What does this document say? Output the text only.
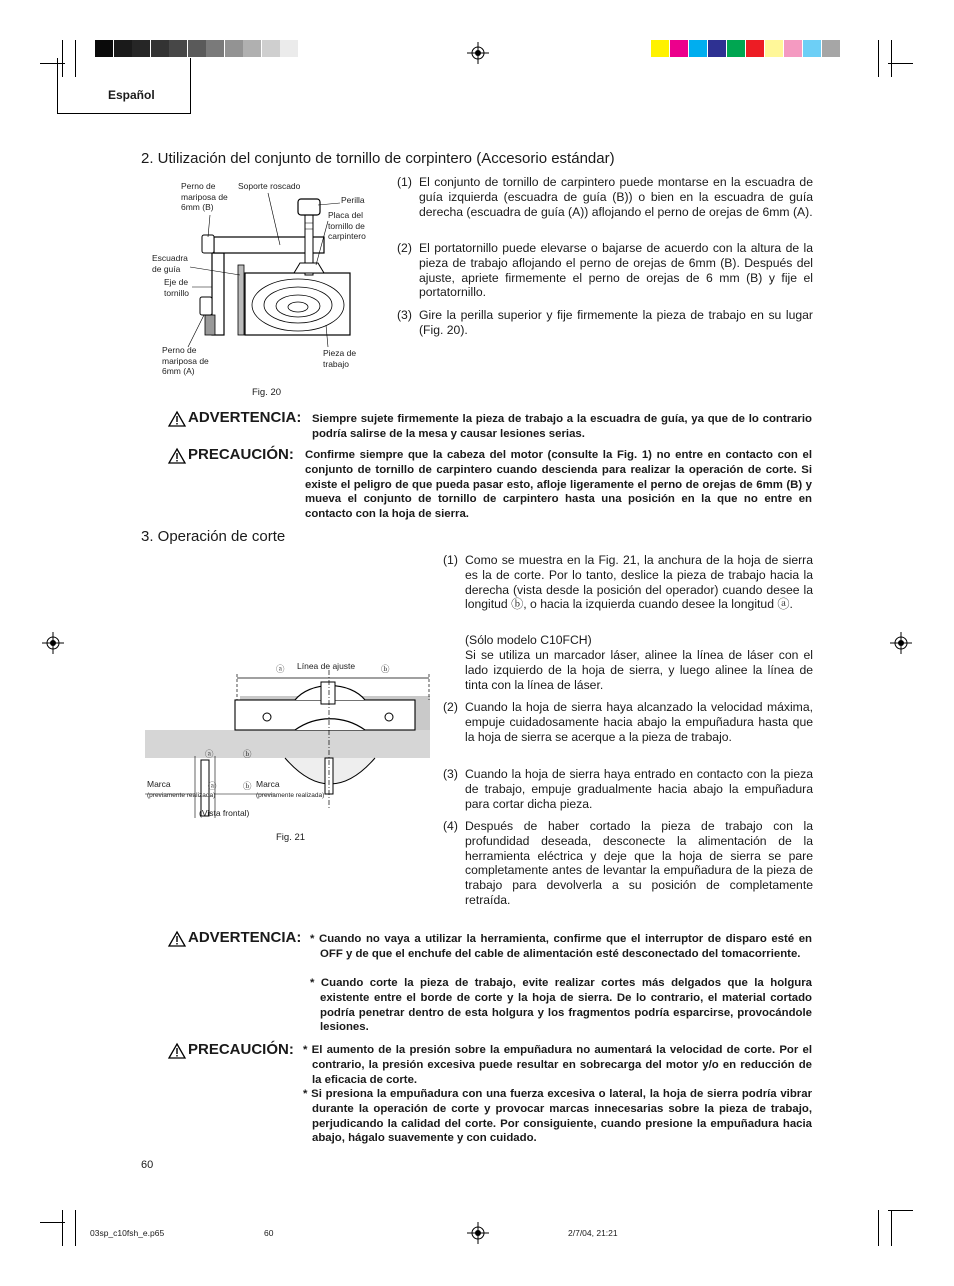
Español
2. Utilización del conjunto de tornillo de corpintero (Accesorio estándar)
Perno de mariposa de 6mm (B)
Soporte roscado
Perilla
Placa del tornillo de carpintero
Escuadra de guía
Eje de tornillo
Perno de mariposa de 6mm (A)
Pieza de trabajo
Fig. 20
(1) El conjunto de tornillo de carpintero puede montarse en la escuadra de guía izquierda (escuadra de guía (B)) o bien en la escuadra de guía derecha (escuadra de guía (A)) aflojando el perno de orejas de 6mm (A).
(2) El portatornillo puede elevarse o bajarse de acuerdo con la altura de la pieza de trabajo aflojando el perno de orejas de 6mm (B). Después del ajuste, apriete firmemente el perno de orejas de 6 mm (B) y fije el portatornillo.
(3) Gire la perilla superior y fije firmemente la pieza de trabajo en su lugar (Fig. 20).
ADVERTENCIA: Siempre sujete firmemente la pieza de trabajo a la escuadra de guía, ya que de lo contrario podría salirse de la mesa y causar lesiones serias.
PRECAUCIÓN: Confirme siempre que la cabeza del motor (consulte la Fig. 1) no entre en contacto con el conjunto de tornillo de carpintero cuando descienda para realizar la operación de corte. Si existe el peligro de que pueda pasar esto, afloje ligeramente el perno de orejas de 6mm (B) y mueva el conjunto de tornillo de carpintero hasta una posición en la que no entre en contacto con la hoja de sierra.
3. Operación de corte
Línea de ajuste
ⓐ	ⓑ
ⓐ	ⓑ
Marca	ⓐ	ⓑ Marca
(previamente realizada)	(previamente realizada)
(Vista frontal)
Fig. 21
(1) Como se muestra en la Fig. 21, la anchura de la hoja de sierra es la de corte. Por lo tanto, deslice la pieza de trabajo hacia la derecha (vista desde la posición del operador) cuando desee la longitud ⓑ, o hacia la izquierda cuando desee la longitud ⓐ.
(Sólo modelo C10FCH)
Si se utiliza un marcador láser, alinee la línea de láser con el lado izquierdo de la hoja de sierra, y luego alinee la línea de tinta con la línea de láser.
(2) Cuando la hoja de sierra haya alcanzado la velocidad máxima, empuje cuidadosamente hacia abajo la empuñadura hasta que la hoja de sierra se acerque a la pieza de trabajo.
(3) Cuando la hoja de sierra haya entrado en contacto con la pieza de trabajo, empuje gradualmente hacia abajo la empuñadura para cortar dicha pieza.
(4) Después de haber cortado la pieza de trabajo con la profundidad deseada, desconecte la alimentación de la herramienta eléctrica y deje que la hoja de sierra se pare completamente antes de levantar la empuñadura de la pieza de trabajo para devolverla a su posición de completamente retraída.
ADVERTENCIA: * Cuando no vaya a utilizar la herramienta, confirme que el interruptor de disparo esté en OFF y de que el enchufe del cable de alimentación esté desconectado del tomacorriente.
* Cuando corte la pieza de trabajo, evite realizar cortes más delgados que la holgura existente entre el borde de corte y la hoja de sierra. De lo contrario, el material cortado podría penetrar dentro de esta holgura y los fragmentos podría esparcirse, provocándole lesiones.
PRECAUCIÓN: * El aumento de la presión sobre la empuñadura no aumentará la velocidad de corte. Por el contrario, la presión excesiva puede resultar en sobrecarga del motor y/o en reducción de la eficacia de corte.
* Si presiona la empuñadura con una fuerza excesiva o lateral, la hoja de sierra podría vibrar durante la operación de corte y provocar marcas innecesarias sobre la pieza de trabajo, perjudicando la calidad del corte. Por consiguiente, cuando presione la empuñadura hacia abajo, hágalo suavemente y con cuidado.
60
03sp_c10fsh_e.p65	60	2/7/04, 21:21
